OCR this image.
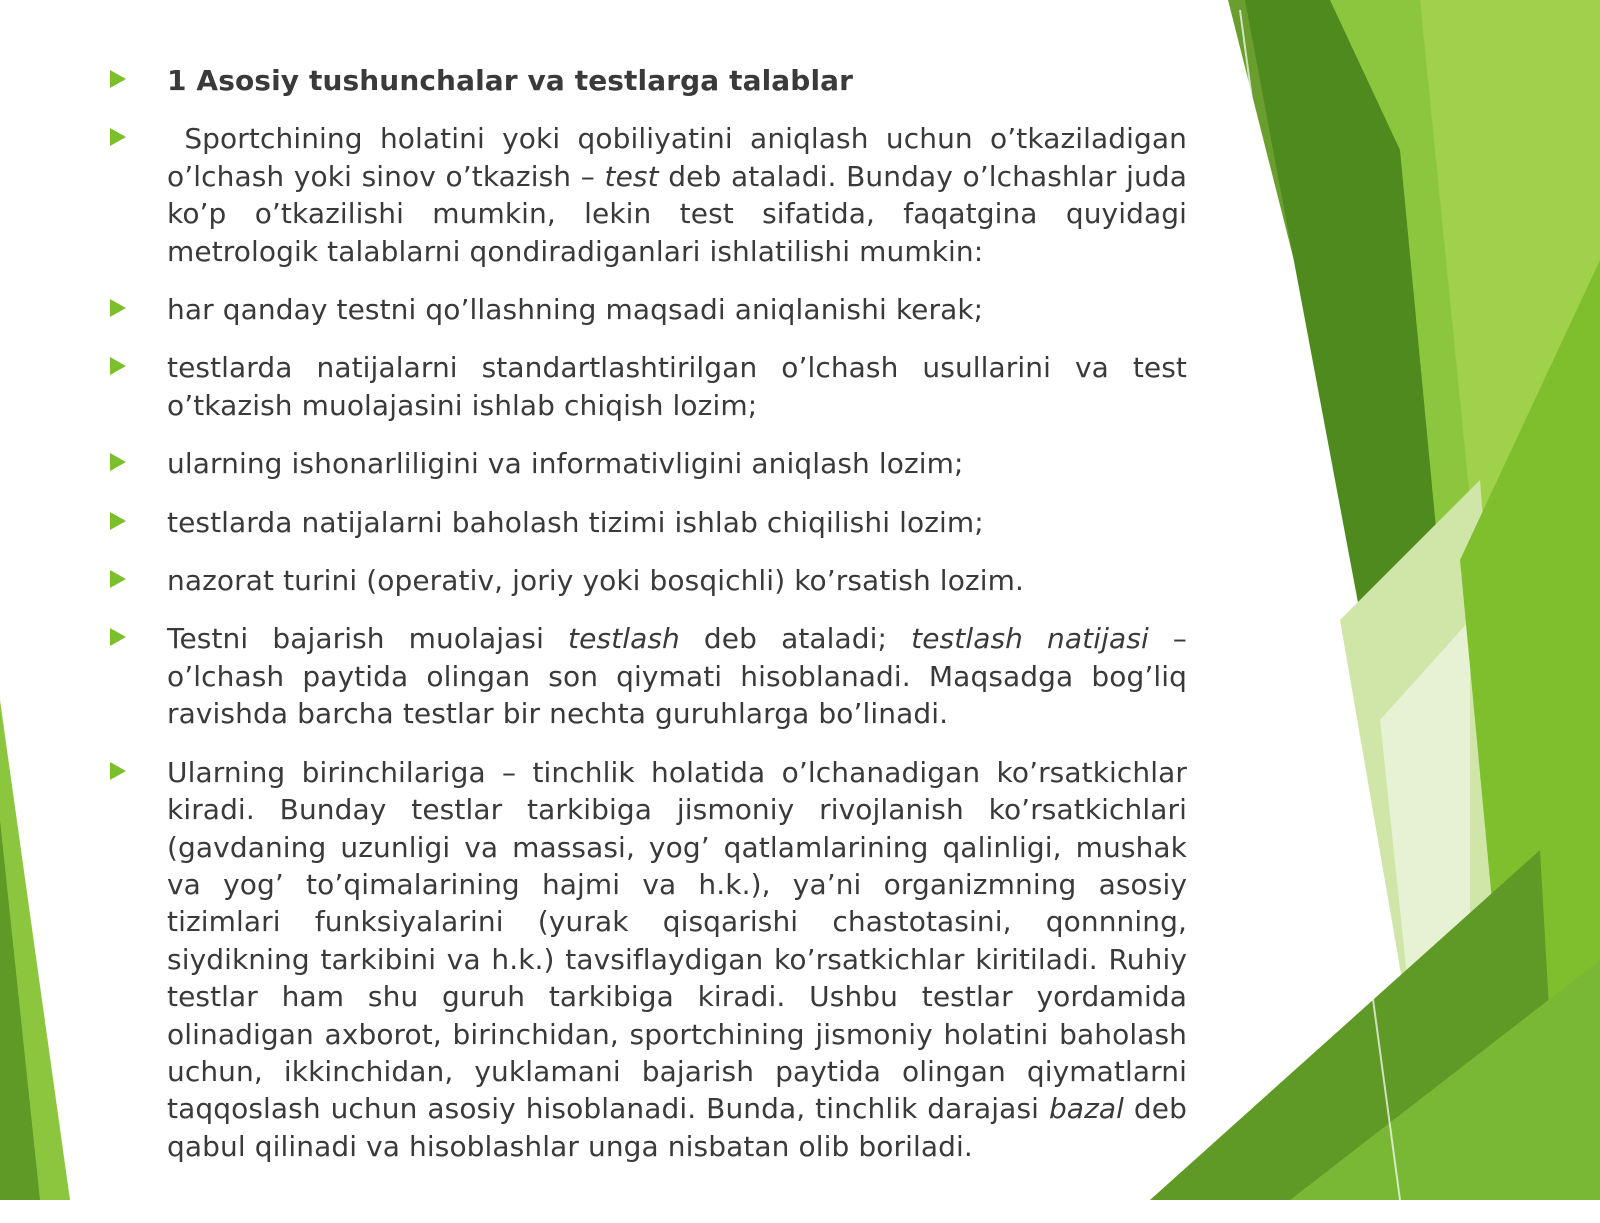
1 Asosiy tushunchalar va testlarga talablar
Sportchining holatini yoki qobiliyatini aniqlash uchun o’tkaziladigan o’lchash yoki sinov o’tkazish – test deb ataladi. Bunday o’lchashlar juda ko’p o’tkazilishi mumkin, lekin test sifatida, faqatgina quyidagi metrologik talablarni qondiradiganlari ishlatilishi mumkin:
har qanday testni qo’llashning maqsadi aniqlanishi kerak;
testlarda natijalarni standartlashtirilgan o’lchash usullarini va test o’tkazish muolajasini ishlab chiqish lozim;
ularning ishonarliligini va informativligini aniqlash lozim;
testlarda natijalarni baholash tizimi ishlab chiqilishi lozim;
nazorat turini (operativ, joriy yoki bosqichli) ko’rsatish lozim.
Testni bajarish muolajasi testlash deb ataladi; testlash natijasi – o’lchash paytida olingan son qiymati hisoblanadi. Maqsadga bog’liq ravishda barcha testlar bir nechta guruhlarga bo’linadi.
Ularning birinchilariga – tinchlik holatida o’lchanadigan ko’rsatkichlar kiradi. Bunday testlar tarkibiga jismoniy rivojlanish ko’rsatkichlari (gavdaning uzunligi va massasi, yog’ qatlamlarining qalinligi, mushak va yog’ to’qimalarining hajmi va h.k.), ya’ni organizmning asosiy tizimlari funksiyalarini (yurak qisqarishi chastotasini, qonnning, siydikning tarkibini va h.k.) tavsiflaydigan ko’rsatkichlar kiritiladi. Ruhiy testlar ham shu guruh tarkibiga kiradi. Ushbu testlar yordamida olinadigan axborot, birinchidan, sportchining jismoniy holatini baholash uchun, ikkinchidan, yuklamani bajarish paytida olingan qiymatlarni taqqoslash uchun asosiy hisoblanadi. Bunda, tinchlik darajasi bazal deb qabul qilinadi va hisoblashlar unga nisbatan olib boriladi.
